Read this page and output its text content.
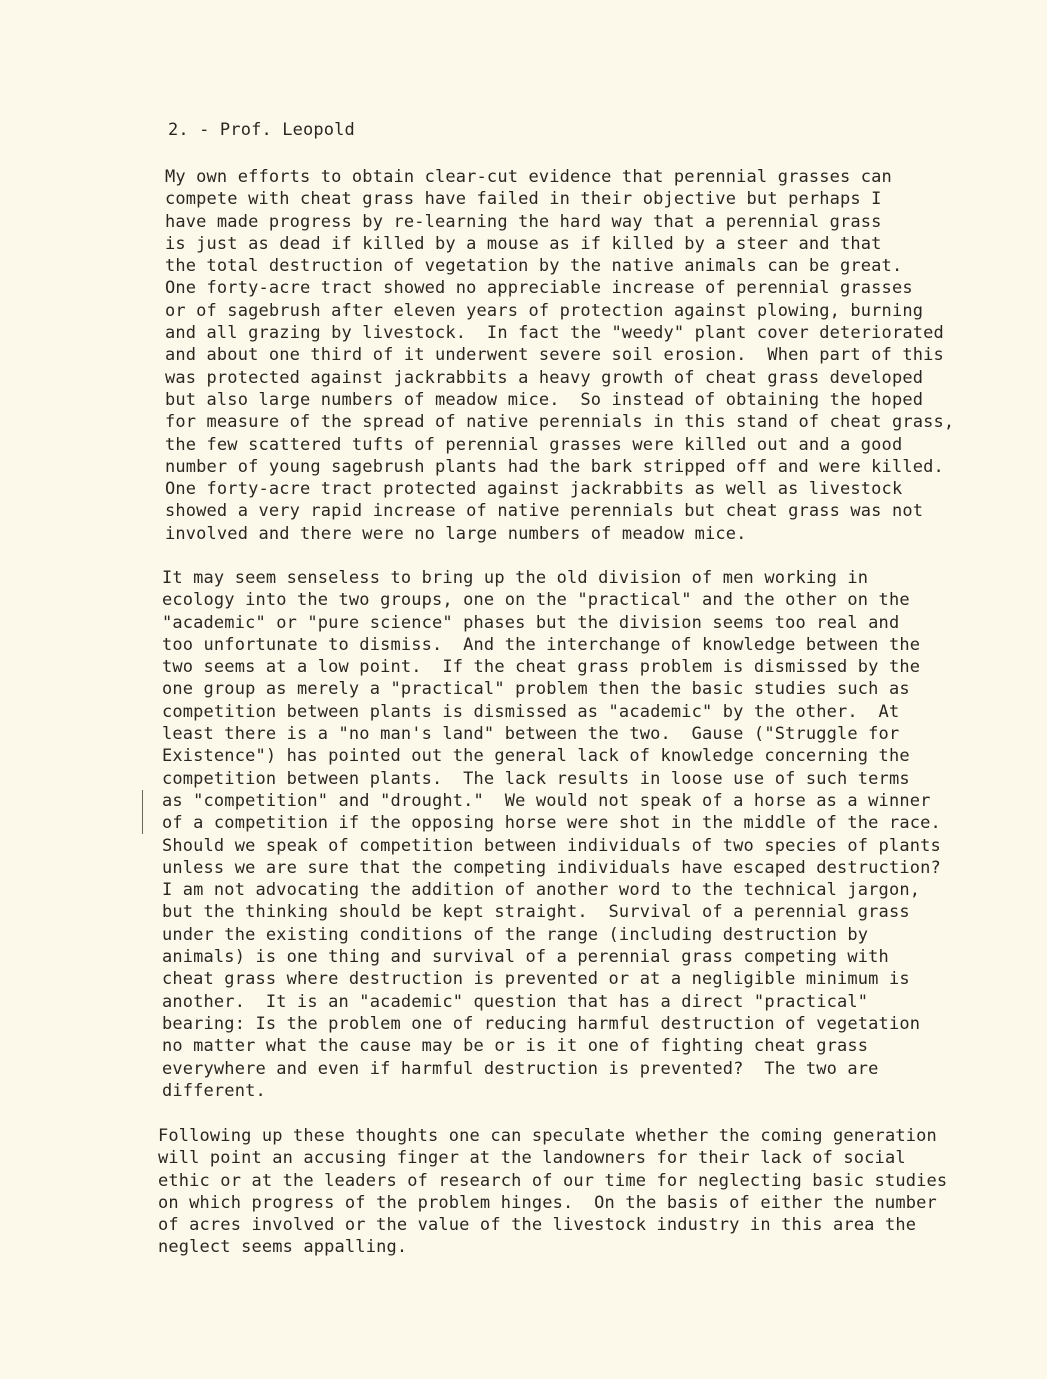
2. - Prof. Leopold
My own efforts to obtain clear-cut evidence that perennial grasses can
compete with cheat grass have failed in their objective but perhaps I
have made progress by re-learning the hard way that a perennial grass
is just as dead if killed by a mouse as if killed by a steer and that
the total destruction of vegetation by the native animals can be great.
One forty-acre tract showed no appreciable increase of perennial grasses
or of sagebrush after eleven years of protection against plowing, burning
and all grazing by livestock.  In fact the "weedy" plant cover deteriorated
and about one third of it underwent severe soil erosion.  When part of this
was protected against jackrabbits a heavy growth of cheat grass developed
but also large numbers of meadow mice.  So instead of obtaining the hoped
for measure of the spread of native perennials in this stand of cheat grass,
the few scattered tufts of perennial grasses were killed out and a good
number of young sagebrush plants had the bark stripped off and were killed.
One forty-acre tract protected against jackrabbits as well as livestock
showed a very rapid increase of native perennials but cheat grass was not
involved and there were no large numbers of meadow mice.
It may seem senseless to bring up the old division of men working in
ecology into the two groups, one on the "practical" and the other on the
"academic" or "pure science" phases but the division seems too real and
too unfortunate to dismiss.  And the interchange of knowledge between the
two seems at a low point.  If the cheat grass problem is dismissed by the
one group as merely a "practical" problem then the basic studies such as
competition between plants is dismissed as "academic" by the other.  At
least there is a "no man's land" between the two.  Gause ("Struggle for
Existence") has pointed out the general lack of knowledge concerning the
competition between plants.  The lack results in loose use of such terms
as "competition" and "drought."  We would not speak of a horse as a winner
of a competition if the opposing horse were shot in the middle of the race.
Should we speak of competition between individuals of two species of plants
unless we are sure that the competing individuals have escaped destruction?
I am not advocating the addition of another word to the technical jargon,
but the thinking should be kept straight.  Survival of a perennial grass
under the existing conditions of the range (including destruction by
animals) is one thing and survival of a perennial grass competing with
cheat grass where destruction is prevented or at a negligible minimum is
another.  It is an "academic" question that has a direct "practical"
bearing: Is the problem one of reducing harmful destruction of vegetation
no matter what the cause may be or is it one of fighting cheat grass
everywhere and even if harmful destruction is prevented?  The two are
different.
Following up these thoughts one can speculate whether the coming generation
will point an accusing finger at the landowners for their lack of social
ethic or at the leaders of research of our time for neglecting basic studies
on which progress of the problem hinges.  On the basis of either the number
of acres involved or the value of the livestock industry in this area the
neglect seems appalling.
